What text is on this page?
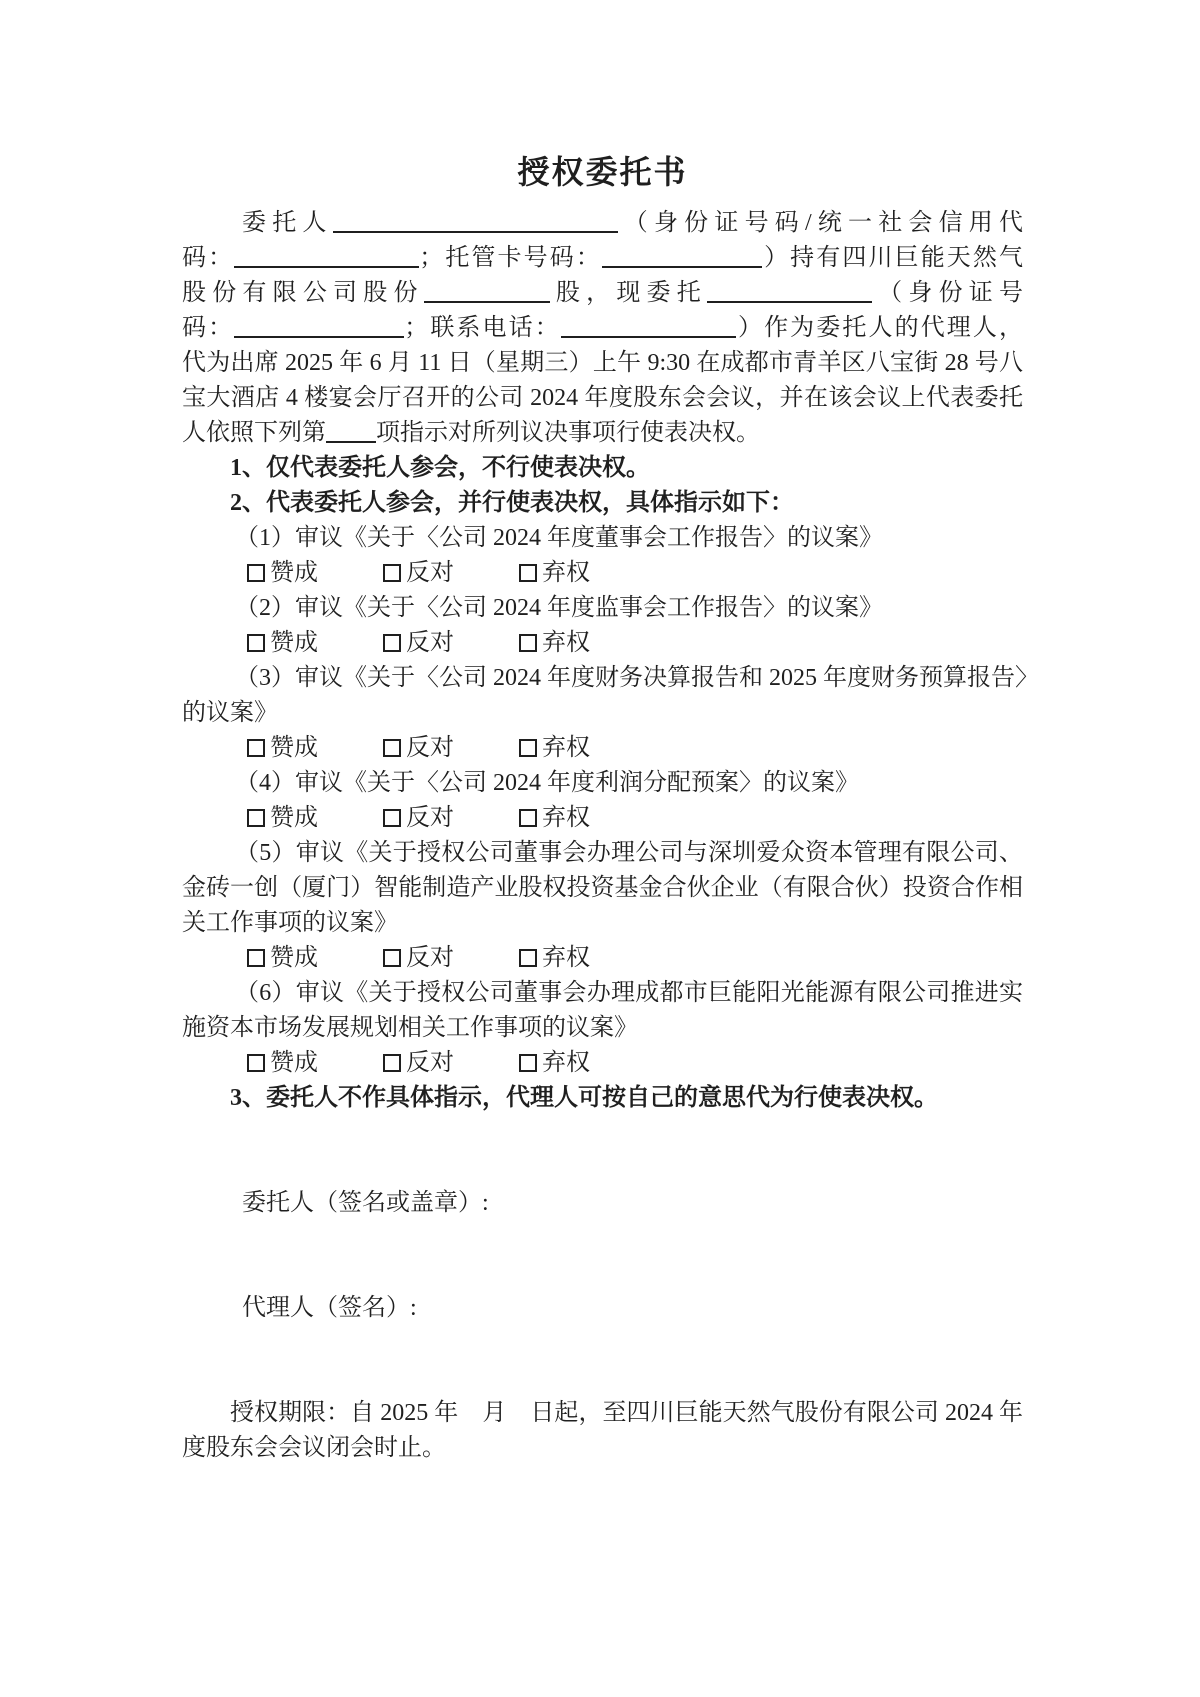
授权委托书
委托人	（身份证号码/统一社会信用代
码：	；托管卡号码：	）持有四川巨能天然气
股份有限公司股份	股，现委托	（身份证号
码：	；联系电话：	）作为委托人的代理人，
代为出席 2025 年 6 月 11 日（星期三）上午 9:30 在成都市青羊区八宝街 28 号八
宝大酒店 4 楼宴会厅召开的公司 2024 年度股东会会议，并在该会议上代表委托
人依照下列第 项指示对所列议决事项行使表决权。
1、仅代表委托人参会，不行使表决权。
2、代表委托人参会，并行使表决权，具体指示如下：
（1）审议《关于〈公司 2024 年度董事会工作报告〉的议案》
赞成	反对	弃权
（2）审议《关于〈公司 2024 年度监事会工作报告〉的议案》
赞成	反对	弃权
（3）审议《关于〈公司 2024 年度财务决算报告和 2025 年度财务预算报告〉
的议案》
赞成	反对	弃权
（4）审议《关于〈公司 2024 年度利润分配预案〉的议案》
赞成	反对	弃权
（5）审议《关于授权公司董事会办理公司与深圳爱众资本管理有限公司、
金砖一创（厦门）智能制造产业股权投资基金合伙企业（有限合伙）投资合作相
关工作事项的议案》
赞成	反对	弃权
（6）审议《关于授权公司董事会办理成都市巨能阳光能源有限公司推进实
施资本市场发展规划相关工作事项的议案》
赞成	反对	弃权
3、委托人不作具体指示，代理人可按自己的意思代为行使表决权。
委托人（签名或盖章）:
代理人（签名）:
授权期限：自 2025 年　月　日起，至四川巨能天然气股份有限公司 2024 年
度股东会会议闭会时止。
